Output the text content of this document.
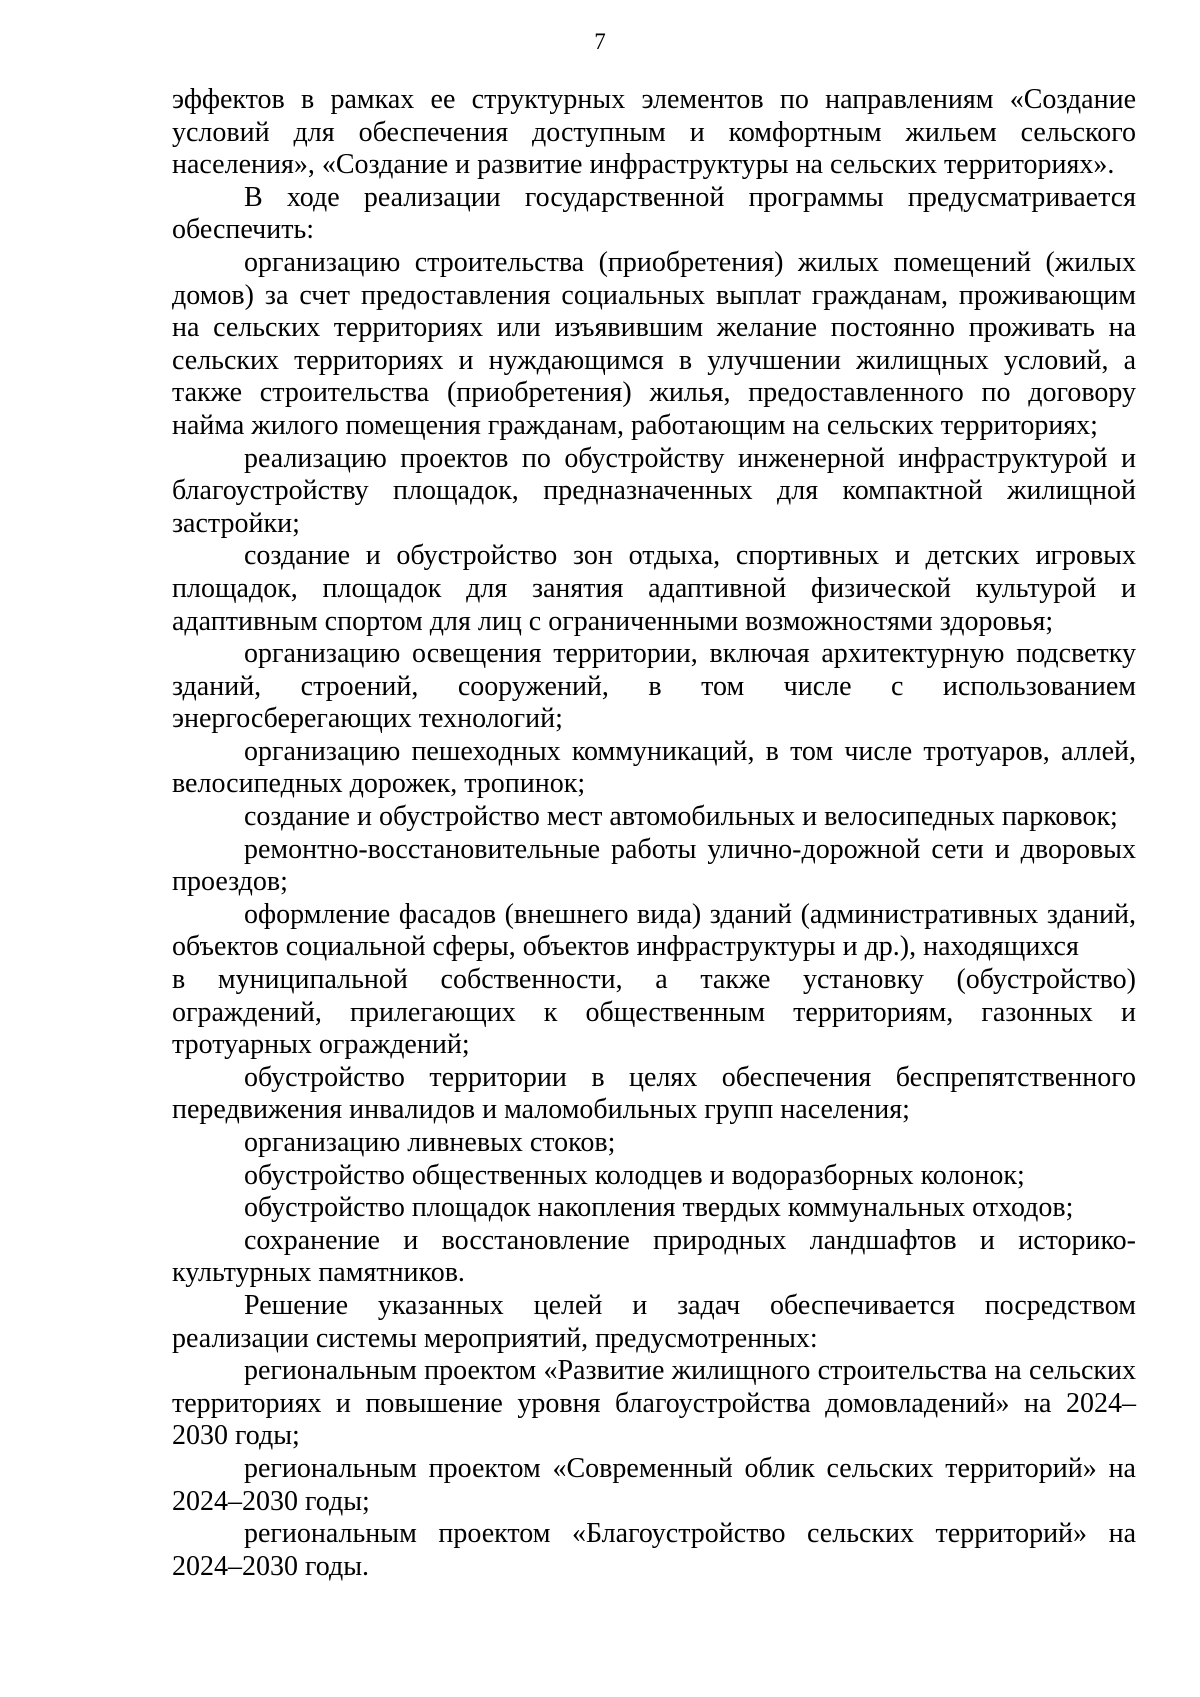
7

эффектов в рамках ее структурных элементов по направлениям «Создание условий для обеспечения доступным и комфортным жильем сельского населения», «Создание и развитие инфраструктуры на сельских территориях».

В ходе реализации государственной программы предусматривается обеспечить:

организацию строительства (приобретения) жилых помещений (жилых домов) за счет предоставления социальных выплат гражданам, проживающим на сельских территориях или изъявившим желание постоянно проживать на сельских территориях и нуждающимся в улучшении жилищных условий, а также строительства (приобретения) жилья, предоставленного по договору найма жилого помещения гражданам, работающим на сельских территориях;

реализацию проектов по обустройству инженерной инфраструктурой и благоустройству площадок, предназначенных для компактной жилищной застройки;

создание и обустройство зон отдыха, спортивных и детских игровых площадок, площадок для занятия адаптивной физической культурой и адаптивным спортом для лиц с ограниченными возможностями здоровья;

организацию освещения территории, включая архитектурную подсветку зданий, строений, сооружений, в том числе с использованием энергосберегающих технологий;

организацию пешеходных коммуникаций, в том числе тротуаров, аллей, велосипедных дорожек, тропинок;

создание и обустройство мест автомобильных и велосипедных парковок;

ремонтно-восстановительные работы улично-дорожной сети и дворовых проездов;

оформление фасадов (внешнего вида) зданий (административных зданий, объектов социальной сферы, объектов инфраструктуры и др.), находящихся

в муниципальной собственности, а также установку (обустройство) ограждений, прилегающих к общественным территориям, газонных и тротуарных ограждений;

обустройство территории в целях обеспечения беспрепятственного передвижения инвалидов и маломобильных групп населения;

организацию ливневых стоков;

обустройство общественных колодцев и водоразборных колонок;

обустройство площадок накопления твердых коммунальных отходов;

сохранение и восстановление природных ландшафтов и историко-культурных памятников.

Решение указанных целей и задач обеспечивается посредством реализации системы мероприятий, предусмотренных:

региональным проектом «Развитие жилищного строительства на сельских территориях и повышение уровня благоустройства домовладений» на 2024–2030 годы;

региональным проектом «Современный облик сельских территорий» на 2024–2030 годы;

региональным проектом «Благоустройство сельских территорий» на 2024–2030 годы.
